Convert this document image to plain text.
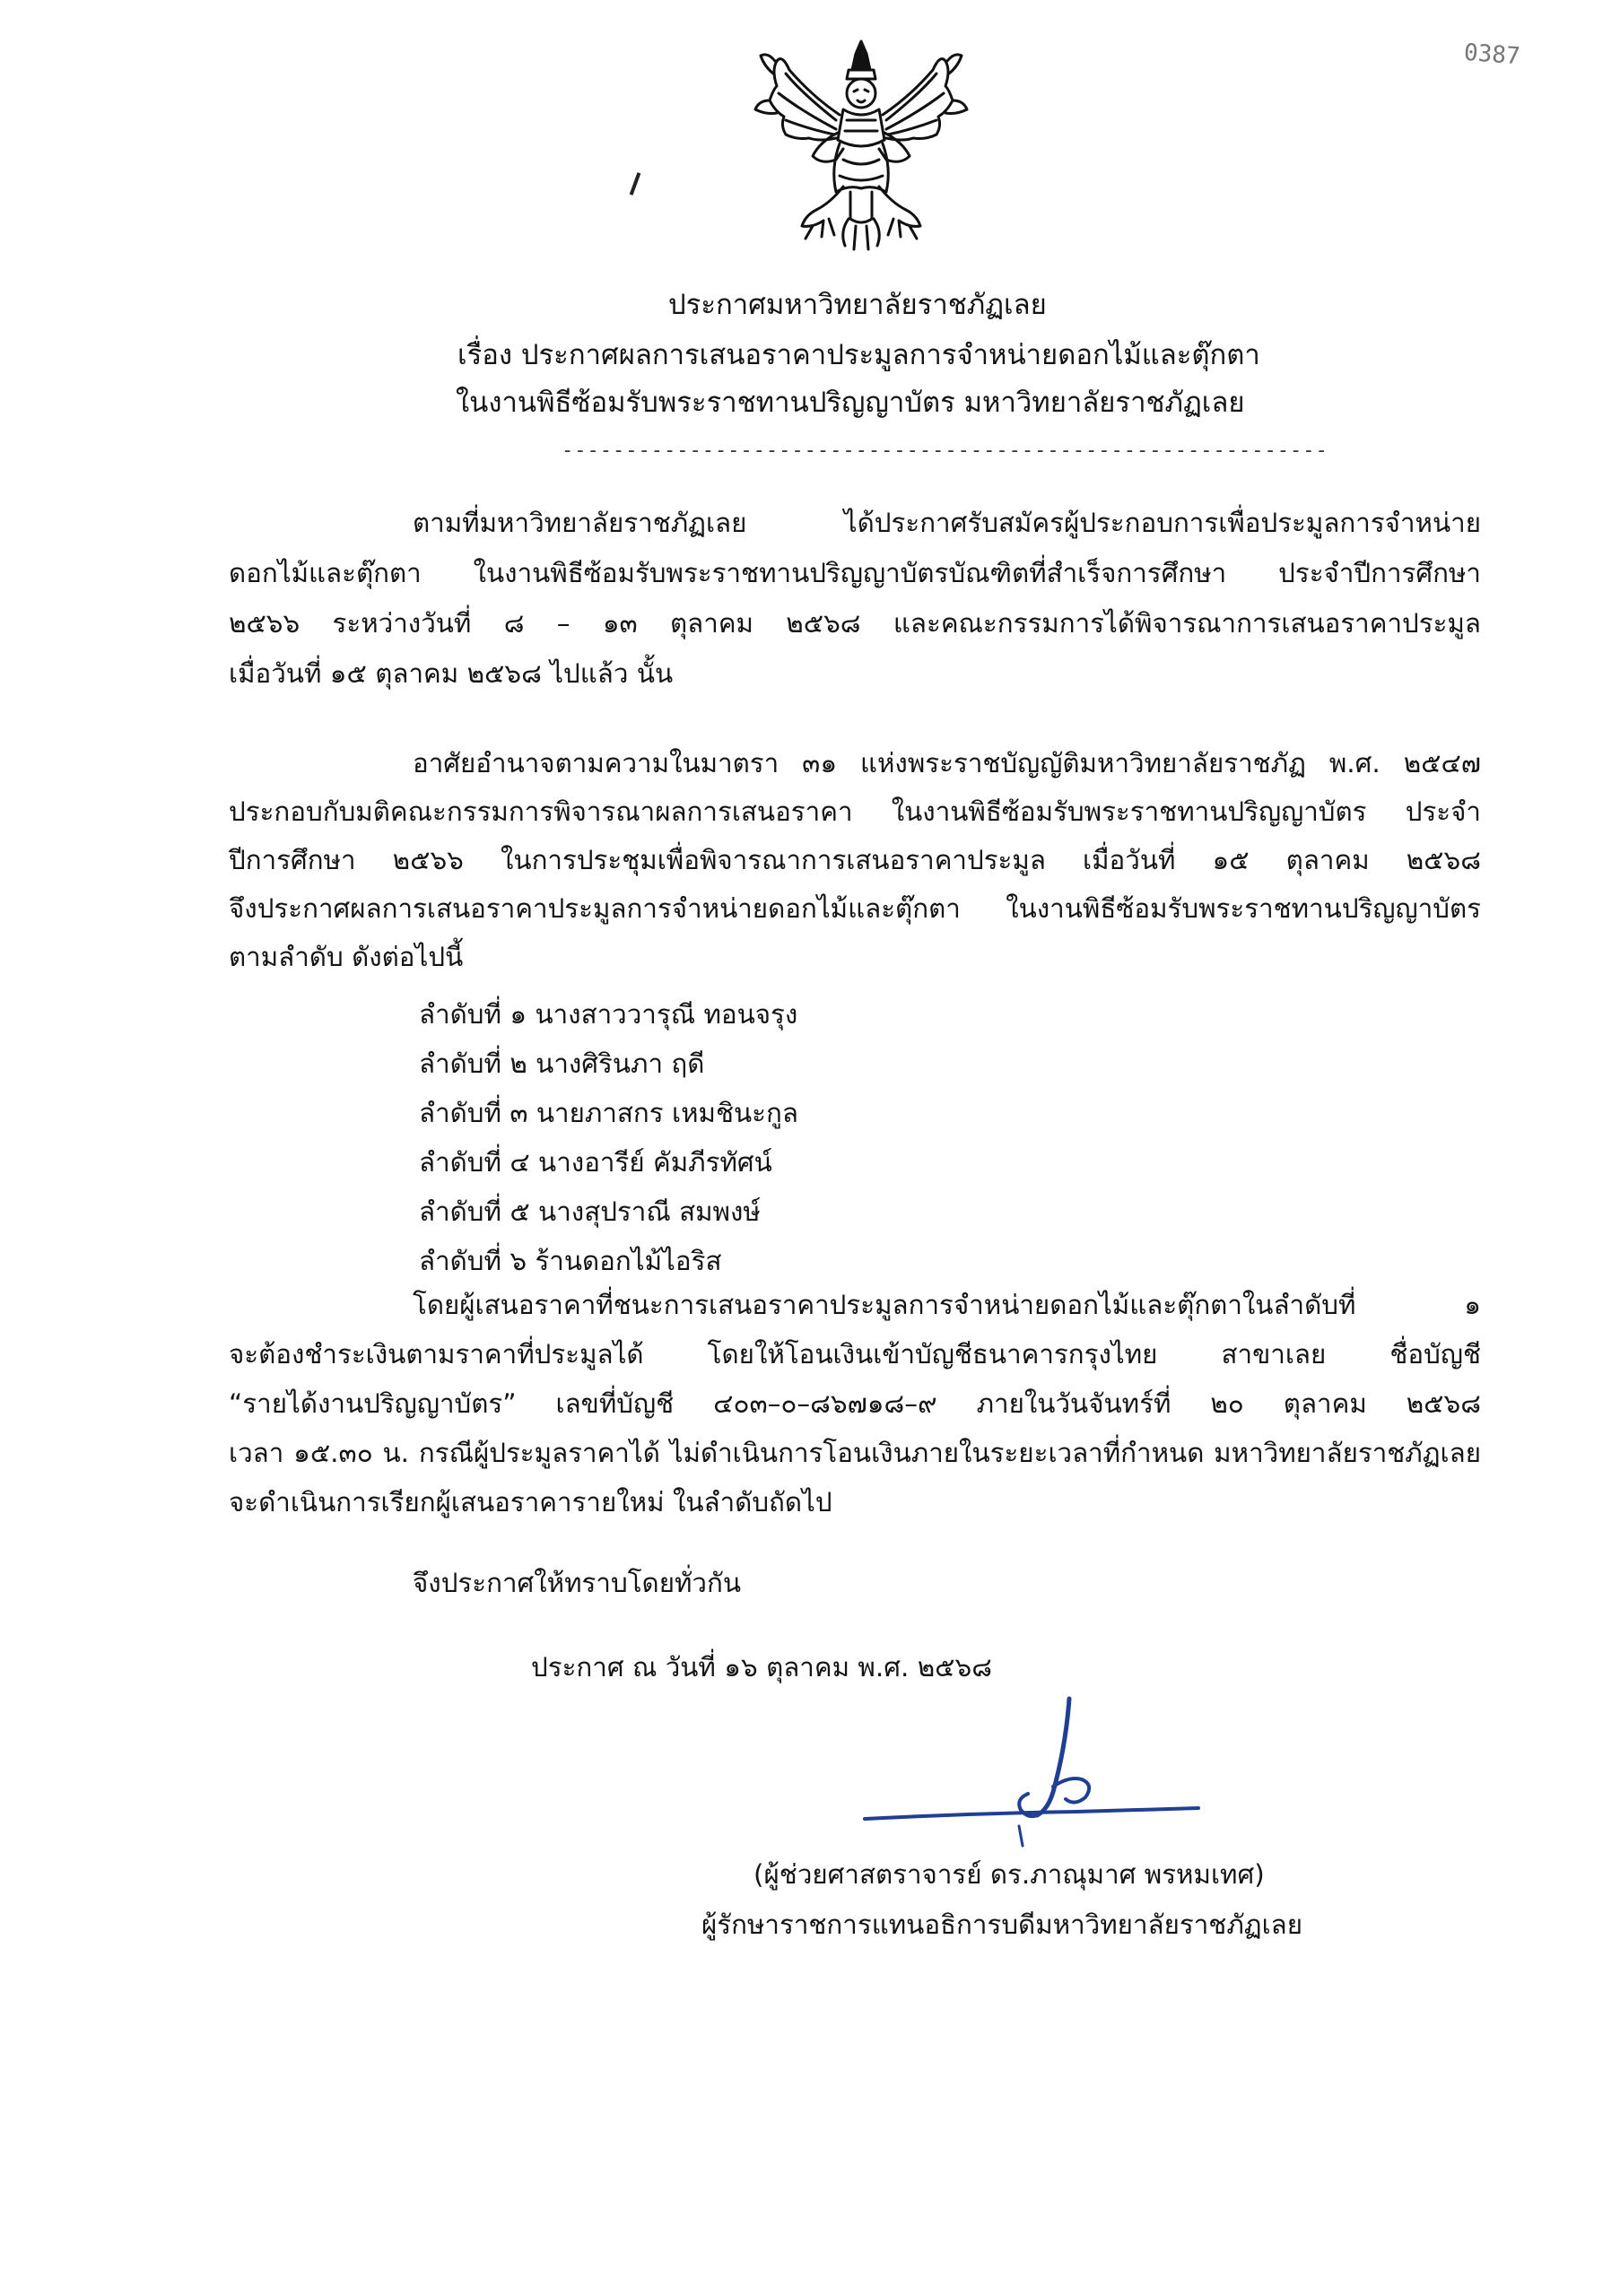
0387

ประกาศมหาวิทยาลัยราชภัฏเลย

เรื่อง ประกาศผลการเสนอราคาประมูลการจำหน่ายดอกไม้และตุ๊กตา

ในงานพิธีซ้อมรับพระราชทานปริญญาบัตร มหาวิทยาลัยราชภัฏเลย

------------------------------------------------------------

ตามที่มหาวิทยาลัยราชภัฏเลย ได้ประกาศรับสมัครผู้ประกอบการเพื่อประมูลการจำหน่าย

ดอกไม้และตุ๊กตา ในงานพิธีซ้อมรับพระราชทานปริญญาบัตรบัณฑิตที่สำเร็จการศึกษา ประจำปีการศึกษา

๒๕๖๖ ระหว่างวันที่ ๘ – ๑๓ ตุลาคม ๒๕๖๘ และคณะกรรมการได้พิจารณาการเสนอราคาประมูล

เมื่อวันที่ ๑๕ ตุลาคม ๒๕๖๘ ไปแล้ว นั้น

อาศัยอำนาจตามความในมาตรา ๓๑ แห่งพระราชบัญญัติมหาวิทยาลัยราชภัฏ พ.ศ. ๒๕๔๗

ประกอบกับมติคณะกรรมการพิจารณาผลการเสนอราคา ในงานพิธีซ้อมรับพระราชทานปริญญาบัตร ประจำ

ปีการศึกษา ๒๕๖๖ ในการประชุมเพื่อพิจารณาการเสนอราคาประมูล เมื่อวันที่ ๑๕ ตุลาคม ๒๕๖๘

จึงประกาศผลการเสนอราคาประมูลการจำหน่ายดอกไม้และตุ๊กตา ในงานพิธีซ้อมรับพระราชทานปริญญาบัตร

ตามลำดับ ดังต่อไปนี้

ลำดับที่ ๑ นางสาววารุณี ทอนจรุง

ลำดับที่ ๒ นางศิรินภา ฤดี

ลำดับที่ ๓ นายภาสกร เหมชินะกูล

ลำดับที่ ๔ นางอารีย์ คัมภีรทัศน์

ลำดับที่ ๕ นางสุปราณี สมพงษ์

ลำดับที่ ๖ ร้านดอกไม้ไอริส

โดยผู้เสนอราคาที่ชนะการเสนอราคาประมูลการจำหน่ายดอกไม้และตุ๊กตาในลำดับที่ ๑

จะต้องชำระเงินตามราคาที่ประมูลได้ โดยให้โอนเงินเข้าบัญชีธนาคารกรุงไทย สาขาเลย ชื่อบัญชี

“รายได้งานปริญญาบัตร” เลขที่บัญชี ๔๐๓–๐–๘๖๗๑๘–๙ ภายในวันจันทร์ที่ ๒๐ ตุลาคม ๒๕๖๘

เวลา ๑๕.๓๐ น. กรณีผู้ประมูลราคาได้ ไม่ดำเนินการโอนเงินภายในระยะเวลาที่กำหนด มหาวิทยาลัยราชภัฏเลย

จะดำเนินการเรียกผู้เสนอราคารายใหม่ ในลำดับถัดไป

จึงประกาศให้ทราบโดยทั่วกัน

ประกาศ ณ วันที่ ๑๖ ตุลาคม พ.ศ. ๒๕๖๘

(ผู้ช่วยศาสตราจารย์ ดร.ภาณุมาศ พรหมเทศ)

ผู้รักษาราชการแทนอธิการบดีมหาวิทยาลัยราชภัฏเลย
